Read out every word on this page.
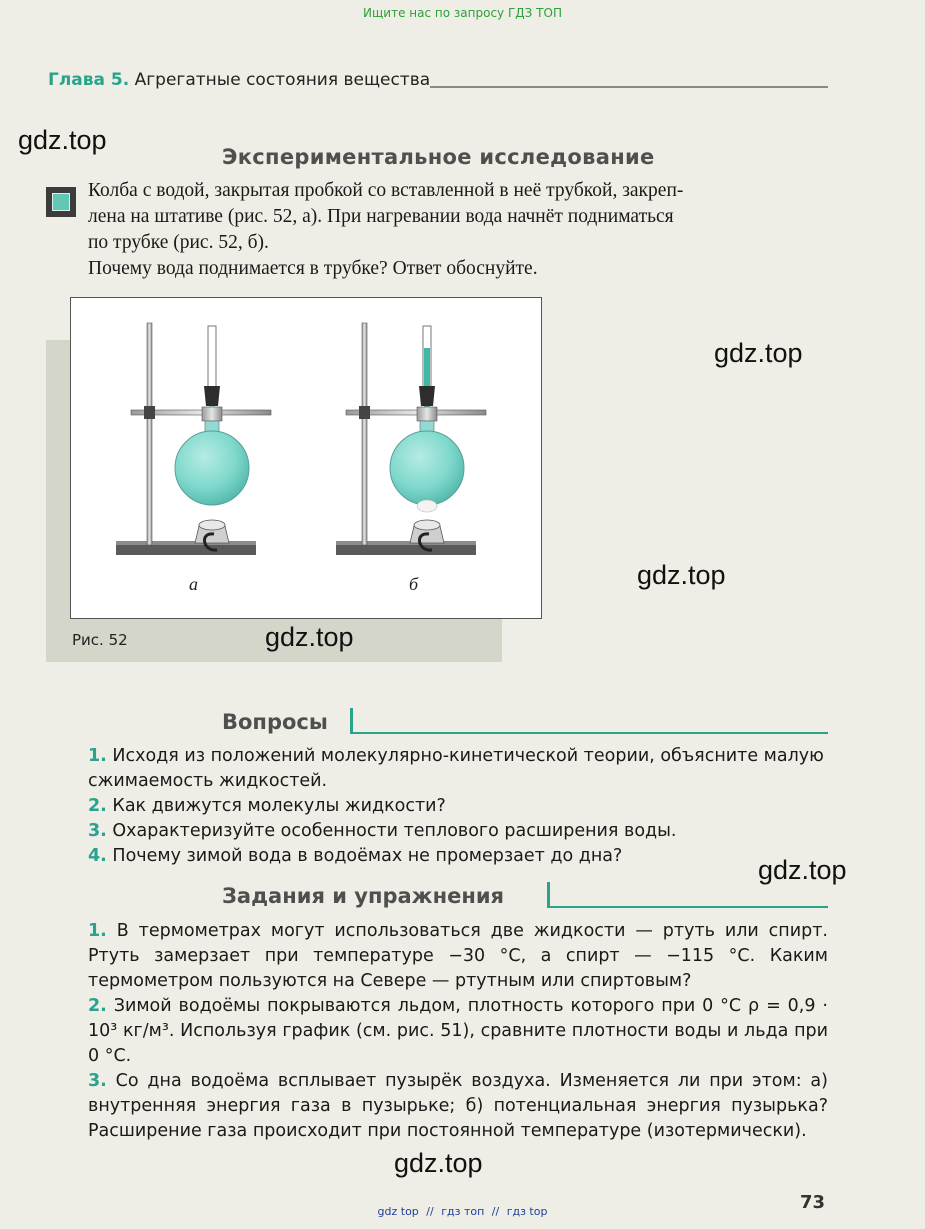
Ищите нас по запросу ГДЗ ТОП
Глава 5. Агрегатные состояния вещества
Экспериментальное исследование
Колба с водой, закрытая пробкой со вставленной в неё трубкой, закреп-
лена на штативе (рис. 52, а). При нагревании вода начнёт подниматься
по трубке (рис. 52, б).
Почему вода поднимается в трубке? Ответ обоснуйте.
а	б
Рис. 52
Вопросы

1. Исходя из положений молекулярно-кинетической теории, объясните малую сжимаемость жидкостей.

2. Как движутся молекулы жидкости?

3. Охарактеризуйте особенности теплового расширения воды.

4. Почему зимой вода в водоёмах не промерзает до дна?

Задания и упражнения

1. В термометрах могут использоваться две жидкости — ртуть или спирт. Ртуть замерзает при температуре −30 °С, а спирт — −115 °С. Каким термометром пользуются на Севере — ртутным или спиртовым?

2. Зимой водоёмы покрываются льдом, плотность которого при 0 °С ρ = 0,9 · 10³ кг/м³. Используя график (см. рис. 51), сравните плотности воды и льда при 0 °С.

3. Со дна водоёма всплывает пузырёк воздуха. Изменяется ли при этом: а) внутренняя энергия газа в пузырьке; б) потенциальная энергия пузырька? Расширение газа происходит при постоянной температуре (изотермически).

gdz.top
gdz.top
gdz.top
gdz.top
gdz.top
gdz.top
73
gdz top // гдз топ // гдз top
